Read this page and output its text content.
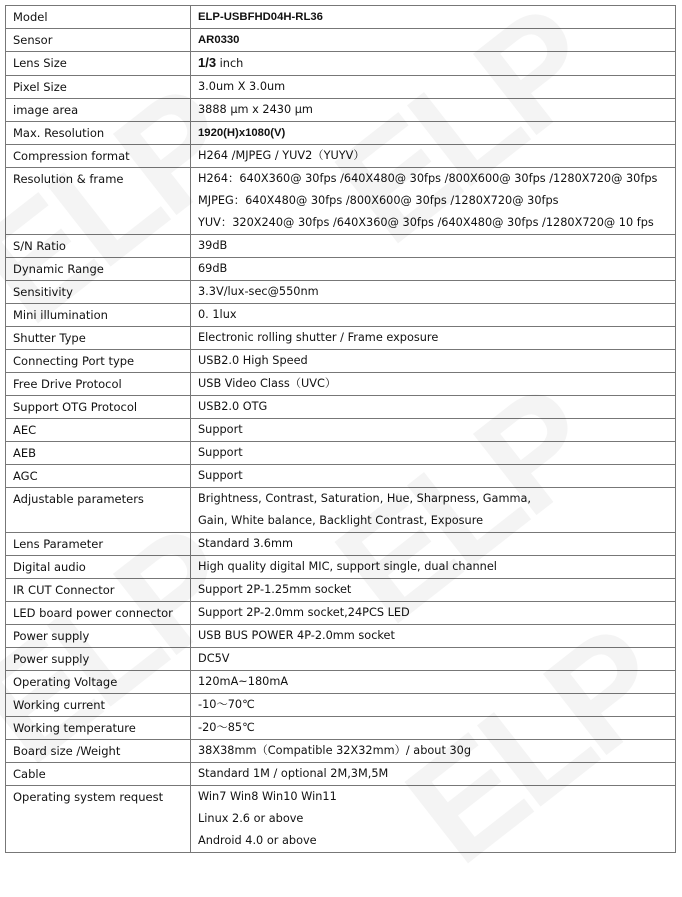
Model	ELP-USBFHD04H-RL36

Sensor	AR0330

Lens Size	1/3 inch
Pixel Size	3.0um X 3.0um

image area	3888 µm x 2430 µm

Max. Resolution	1920(H)x1080(V)

Compression format	H264 /MJPEG / YUV2（YUYV）

Resolution & frame	H264：640X360@ 30fps /640X480@ 30fps /800X600@ 30fps /1280X720@ 30fps
MJPEG：640X480@ 30fps /800X600@ 30fps /1280X720@ 30fps
YUV：320X240@ 30fps /640X360@ 30fps /640X480@ 30fps /1280X720@ 10 fps

S/N Ratio	39dB

Dynamic Range	69dB

Sensitivity	3.3V/lux-sec@550nm

Mini illumination	0. 1lux

Shutter Type	Electronic rolling shutter / Frame exposure

Connecting Port type	USB2.0 High Speed

Free Drive Protocol	USB Video Class（UVC）

Support OTG Protocol	USB2.0 OTG

AEC	Support

AEB	Support

AGC	Support

Adjustable parameters	Brightness, Contrast, Saturation, Hue, Sharpness, Gamma,
Gain, White balance, Backlight Contrast, Exposure

Lens Parameter	Standard 3.6mm

Digital audio	High quality digital MIC, support single, dual channel

IR CUT Connector	Support 2P-1.25mm socket

LED board power connector	Support 2P-2.0mm socket,24PCS LED

Power supply	USB BUS POWER 4P-2.0mm socket

Power supply	DC5V

Operating Voltage	120mA~180mA

Working current	-10～70℃

Working temperature	-20～85℃

Board size /Weight	38X38mm（Compatible 32X32mm）/ about 30g

Cable	Standard 1M / optional 2M,3M,5M

Operating system request	Win7 Win8 Win10 Win11
Linux 2.6 or above
Android 4.0 or above
